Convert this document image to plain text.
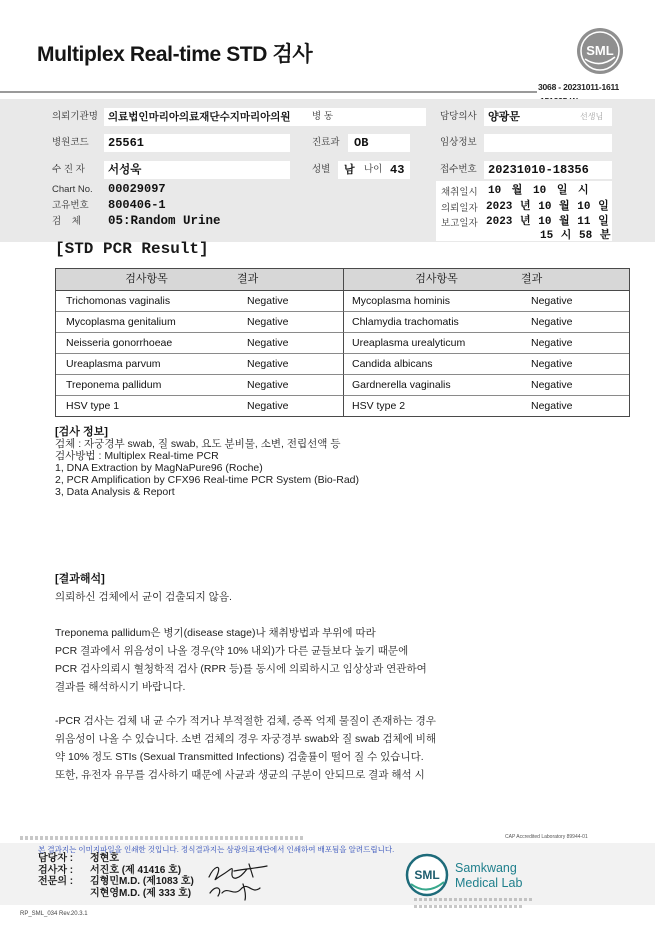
Multiplex Real-time STD 검사	SML
3068 - 20231011-1611
의뢰기관명 의료법인마리아의료재단수지마리아의원 병 동	담당의사 양광문	선생님
병원코드 25561	진료과 OB	임상정보
수 진 자 서성욱	성별 남 나이 43	접수번호 20231010-18356
Chart No. 00029097
고유번호 800406-1
검    체 05:Random Urine
채취일시 10 월 10 일 시
의뢰일자 2023 년 10 월 10 일
보고일자 2023 년 10 월 11 일
15 시 58 분
[STD PCR Result]
검사항목	결과	검사항목	결과
Trichomonas vaginalis	Negative	Mycoplasma hominis	Negative
Mycoplasma genitalium	Negative	Chlamydia trachomatis	Negative
Neisseria gonorrhoeae	Negative	Ureaplasma urealyticum	Negative
Ureaplasma parvum	Negative	Candida albicans	Negative
Treponema pallidum	Negative	Gardnerella vaginalis	Negative
HSV type 1	Negative	HSV type 2	Negative
[검사 정보]
검체 : 자궁경부 swab, 질 swab, 요도 분비물, 소변, 전립선액 등
검사방법 : Multiplex Real-time PCR
1, DNA Extraction by MagNaPure96 (Roche)
2, PCR Amplification by CFX96 Real-time PCR System (Bio-Rad)
3, Data Analysis & Report
[결과해석]
의뢰하신 검체에서 균이 검출되지 않음.
Treponema pallidum은 병기(disease stage)나 채취방법과 부위에 따라
PCR 결과에서 위음성이 나올 경우(약 10% 내외)가 다른 균들보다 높기 때문에
PCR 검사의뢰시 혈청학적 검사 (RPR 등)를 동시에 의뢰하시고 임상상과 연관하여
결과를 해석하시기 바랍니다.
-PCR 검사는 검체 내 균 수가 적거나 부적절한 검체, 증폭 억제 물질이 존재하는 경우
위음성이 나올 수 있습니다. 소변 검체의 경우 자궁경부 swab와 질 swab 검체에 비해
약 10% 정도 STIs (Sexual Transmitted Infections) 검출률이 떨어 질 수 있습니다.
또한, 유전자 유무를 검사하기 때문에 사균과 생균의 구분이 안되므로 결과 해석 시
CAP Accredited Laboratory 89944-01
본 결과지는 이미지파일을 인쇄한 것입니다. 정식결과지는 삼광의료재단에서 인쇄하여 배포됨을 알려드립니다.
담당자 : 정현호
검사자 : 서진호 (제 41416 호)
전문의 : 김형민M.D. (제1083 호)
지현영M.D. (제 333 호)
SML Samkwang
Medical Lab
RP_SML_034 Rev.20.3.1
